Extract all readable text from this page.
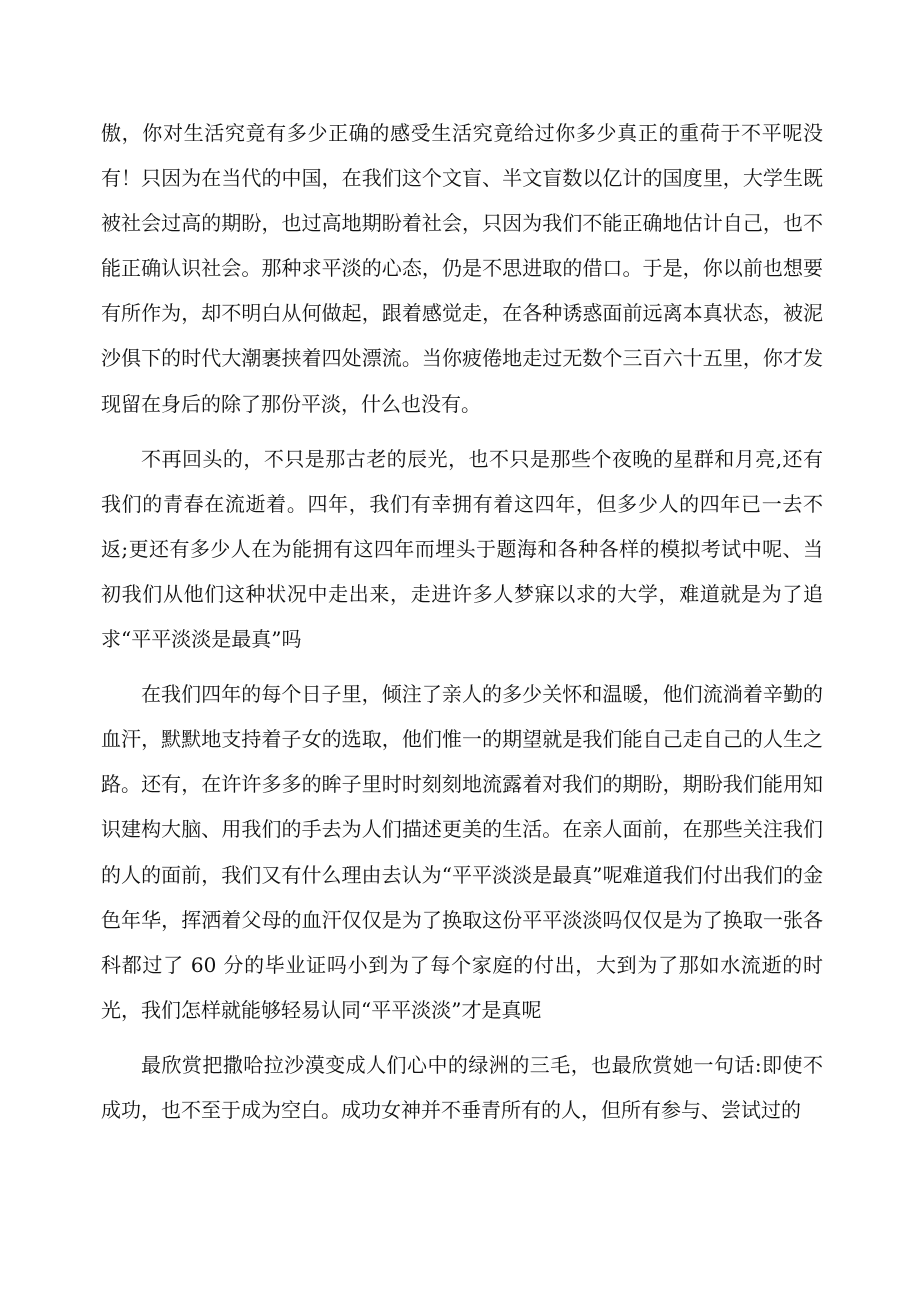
傲，你对生活究竟有多少正确的感受生活究竟给过你多少真正的重荷于不平呢没有！只因为在当代的中国，在我们这个文盲、半文盲数以亿计的国度里，大学生既被社会过高的期盼，也过高地期盼着社会，只因为我们不能正确地估计自己，也不能正确认识社会。那种求平淡的心态，仍是不思进取的借口。于是，你以前也想要有所作为，却不明白从何做起，跟着感觉走，在各种诱惑面前远离本真状态，被泥沙俱下的时代大潮裹挟着四处漂流。当你疲倦地走过无数个三百六十五里，你才发现留在身后的除了那份平淡，什么也没有。

不再回头的，不只是那古老的辰光，也不只是那些个夜晚的星群和月亮,还有我们的青春在流逝着。四年，我们有幸拥有着这四年，但多少人的四年已一去不返;更还有多少人在为能拥有这四年而埋头于题海和各种各样的模拟考试中呢、当初我们从他们这种状况中走出来，走进许多人梦寐以求的大学，难道就是为了追求“平平淡淡是最真”吗

在我们四年的每个日子里，倾注了亲人的多少关怀和温暖，他们流淌着辛勤的血汗，默默地支持着子女的选取，他们惟一的期望就是我们能自己走自己的人生之路。还有，在许许多多的眸子里时时刻刻地流露着对我们的期盼，期盼我们能用知识建构大脑、用我们的手去为人们描述更美的生活。在亲人面前，在那些关注我们的人的面前，我们又有什么理由去认为“平平淡淡是最真”呢难道我们付出我们的金色年华，挥洒着父母的血汗仅仅是为了换取这份平平淡淡吗仅仅是为了换取一张各科都过了 60 分的毕业证吗小到为了每个家庭的付出，大到为了那如水流逝的时光，我们怎样就能够轻易认同“平平淡淡”才是真呢

最欣赏把撒哈拉沙漠变成人们心中的绿洲的三毛，也最欣赏她一句话:即使不成功，也不至于成为空白。成功女神并不垂青所有的人，但所有参与、尝试过的
